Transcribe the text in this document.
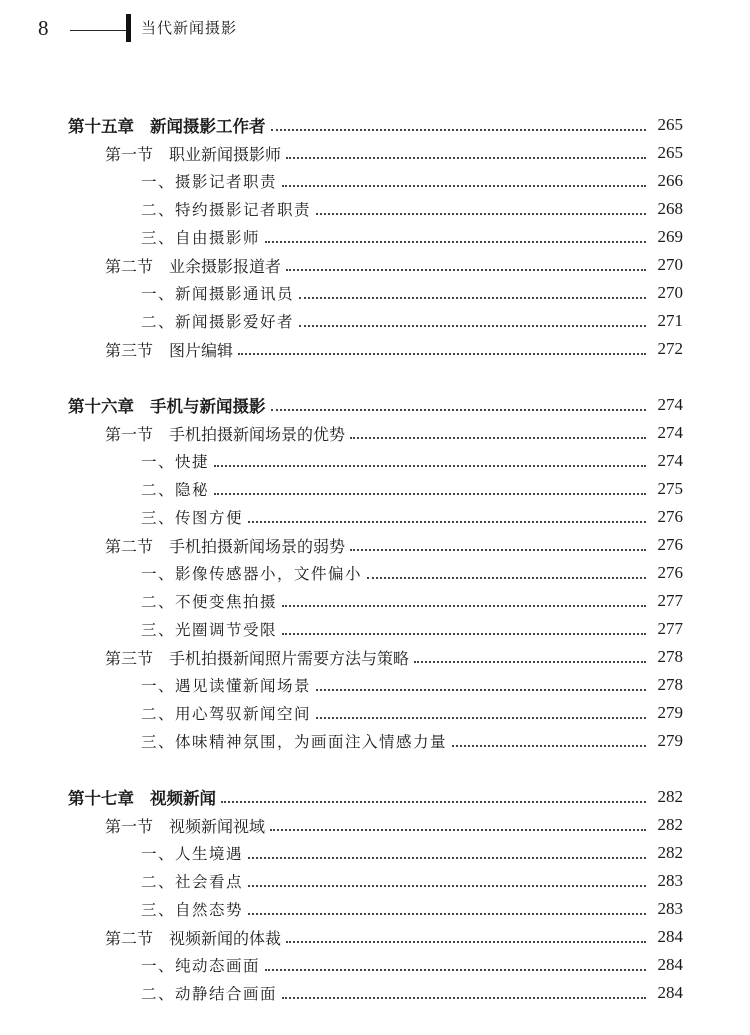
8	当代新闻摄影
第十五章 新闻摄影工作者	265
第一节 职业新闻摄影师	265
一、摄影记者职责	266
二、特约摄影记者职责	268
三、自由摄影师	269
第二节 业余摄影报道者	270
一、新闻摄影通讯员	270
二、新闻摄影爱好者	271
第三节 图片编辑	272
第十六章 手机与新闻摄影	274
第一节 手机拍摄新闻场景的优势	274
一、快捷	274
二、隐秘	275
三、传图方便	276
第二节 手机拍摄新闻场景的弱势	276
一、影像传感器小，文件偏小	276
二、不便变焦拍摄	277
三、光圈调节受限	277
第三节 手机拍摄新闻照片需要方法与策略	278
一、遇见读懂新闻场景	278
二、用心驾驭新闻空间	279
三、体味精神氛围，为画面注入情感力量	279
第十七章 视频新闻	282
第一节 视频新闻视域	282
一、人生境遇	282
二、社会看点	283
三、自然态势	283
第二节 视频新闻的体裁	284
一、纯动态画面	284
二、动静结合画面	284
